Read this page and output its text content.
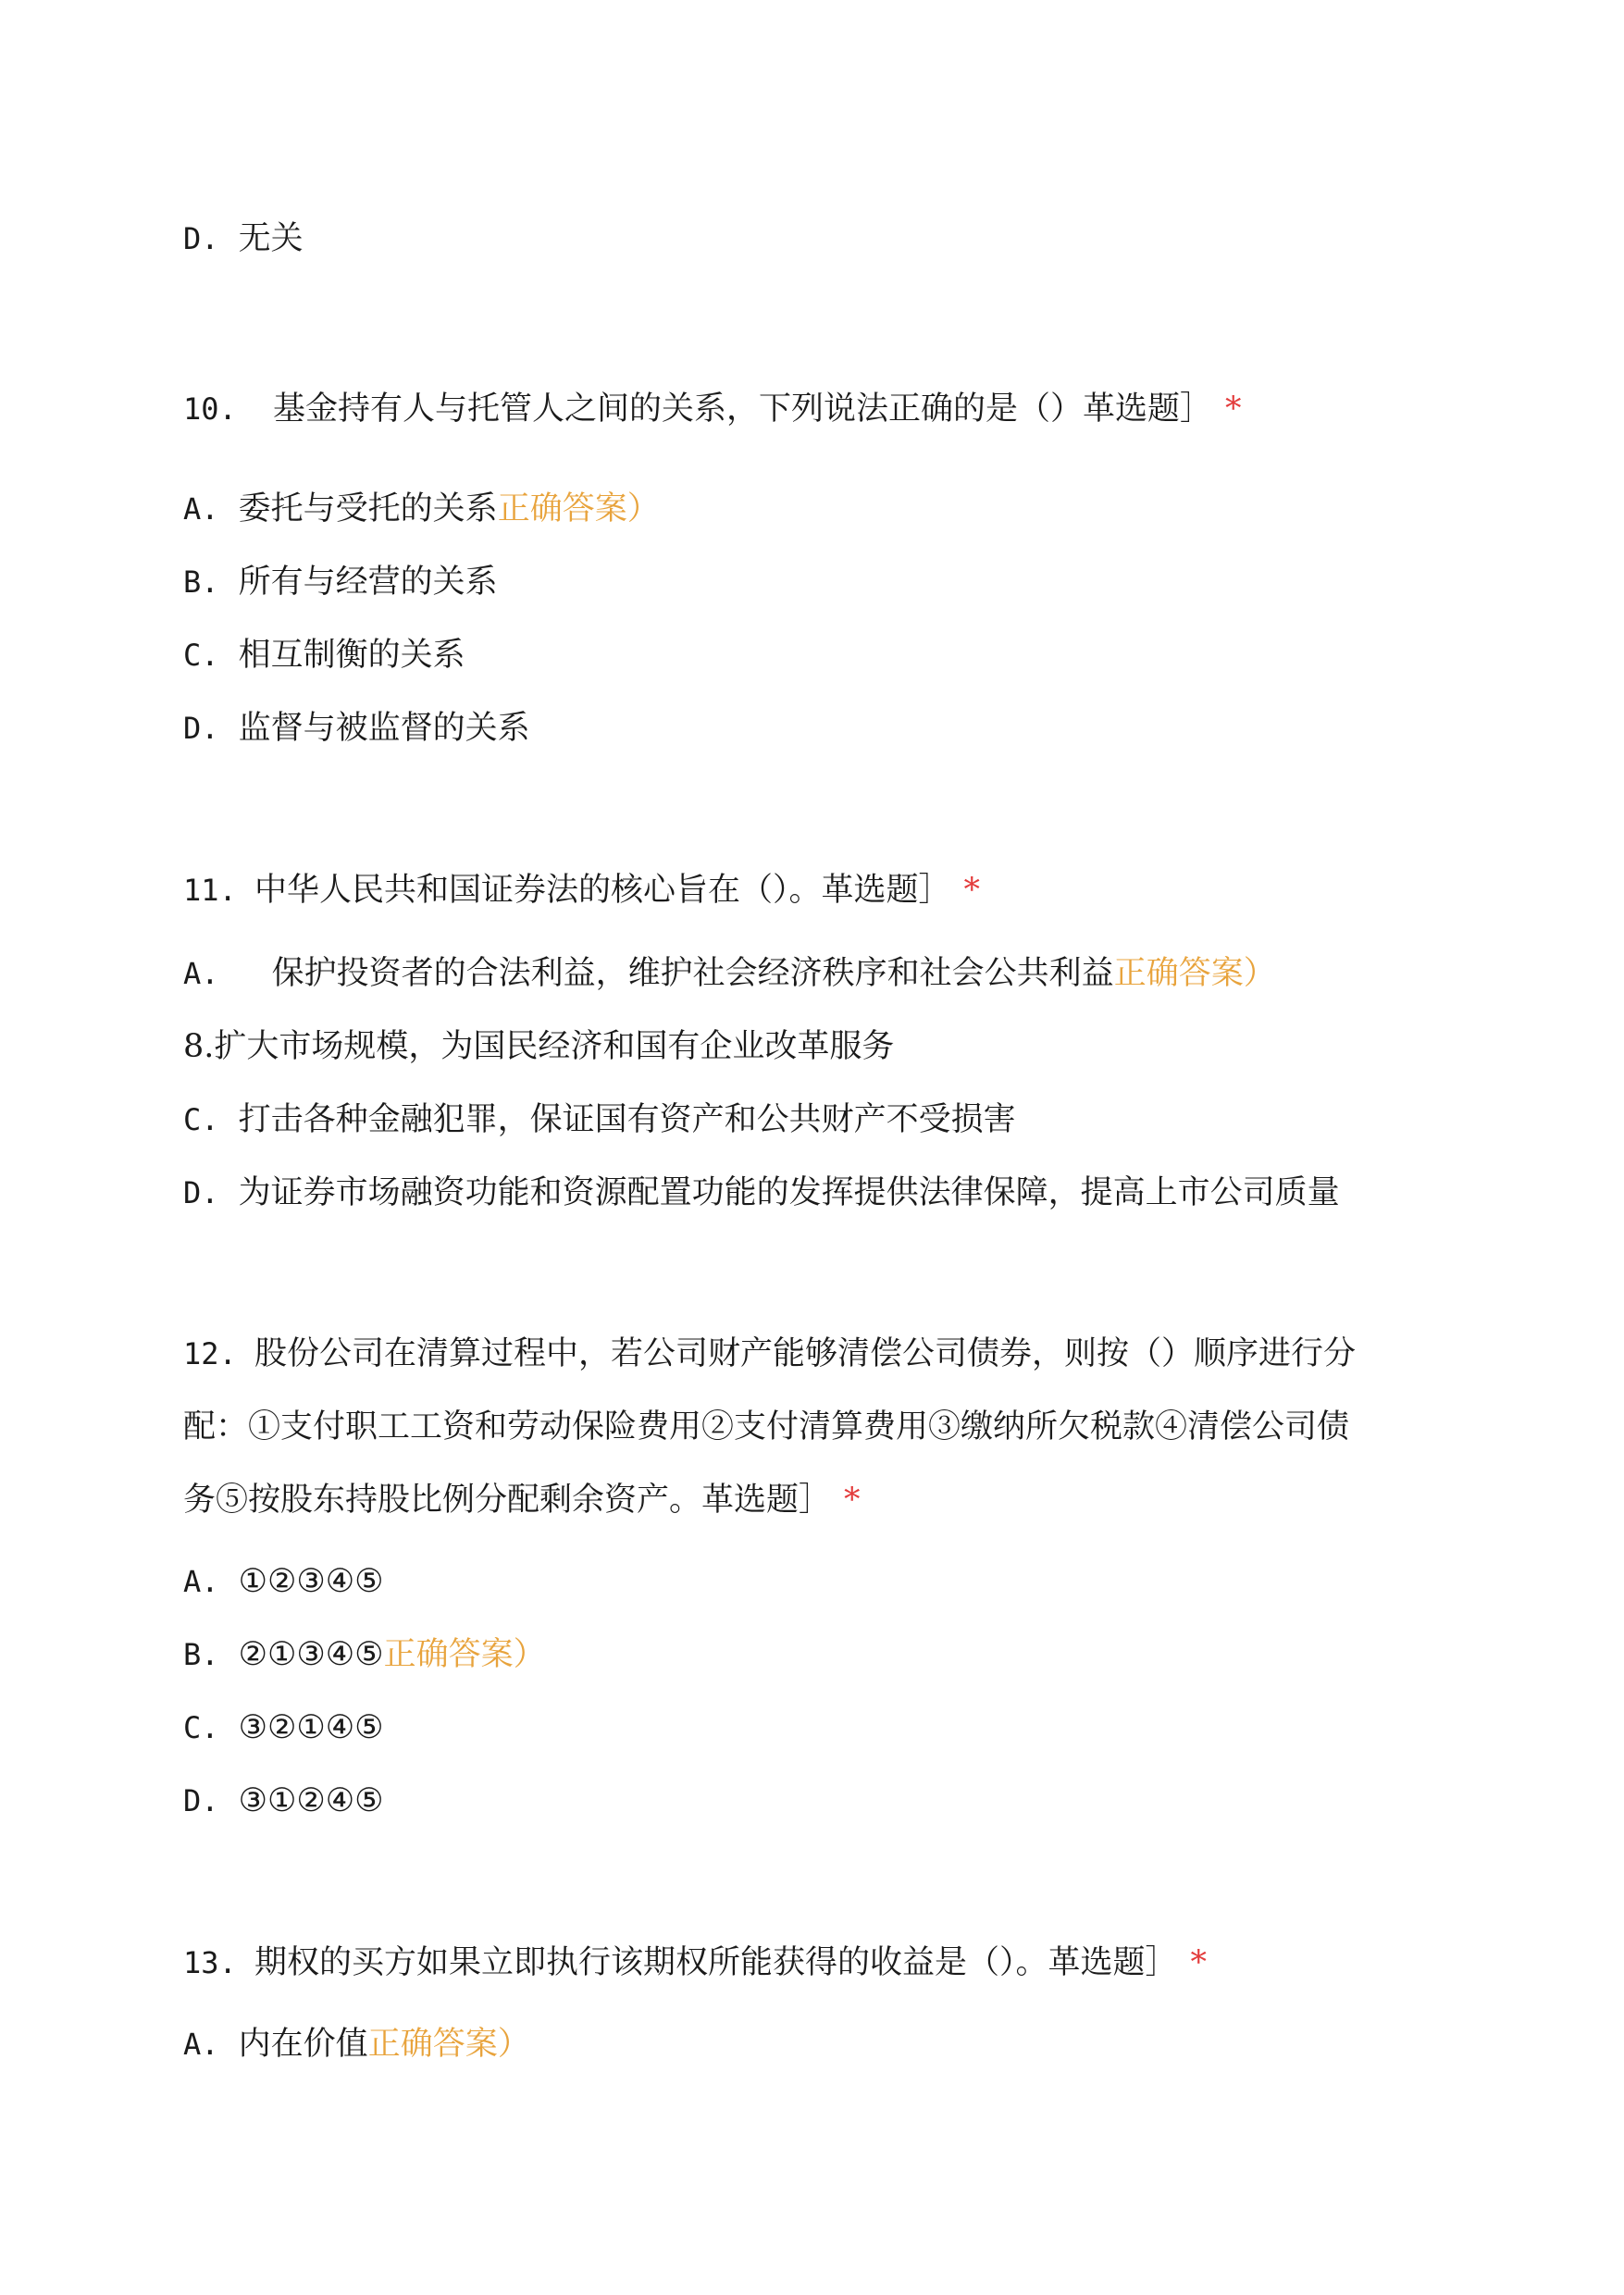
D. 无关
10. 基金持有人与托管人之间的关系，下列说法正确的是（）革选题］ *
A. 委托与受托的关系正确答案）
B. 所有与经营的关系
C. 相互制衡的关系
D. 监督与被监督的关系
11. 中华人民共和国证券法的核心旨在（）。革选题］ *
A. 保护投资者的合法利益，维护社会经济秩序和社会公共利益正确答案）
8.扩大市场规模，为国民经济和国有企业改革服务
C. 打击各种金融犯罪，保证国有资产和公共财产不受损害
D. 为证券市场融资功能和资源配置功能的发挥提供法律保障，提高上市公司质量
12. 股份公司在清算过程中，若公司财产能够清偿公司债券，则按（）顺序进行分
配：①支付职工工资和劳动保险费用②支付清算费用③缴纳所欠税款④清偿公司债
务⑤按股东持股比例分配剩余资产。革选题］ *
A. ①②③④⑤
B. ②①③④⑤正确答案）
C. ③②①④⑤
D. ③①②④⑤
13. 期权的买方如果立即执行该期权所能获得的收益是（）。革选题］ *
A. 内在价值正确答案）
